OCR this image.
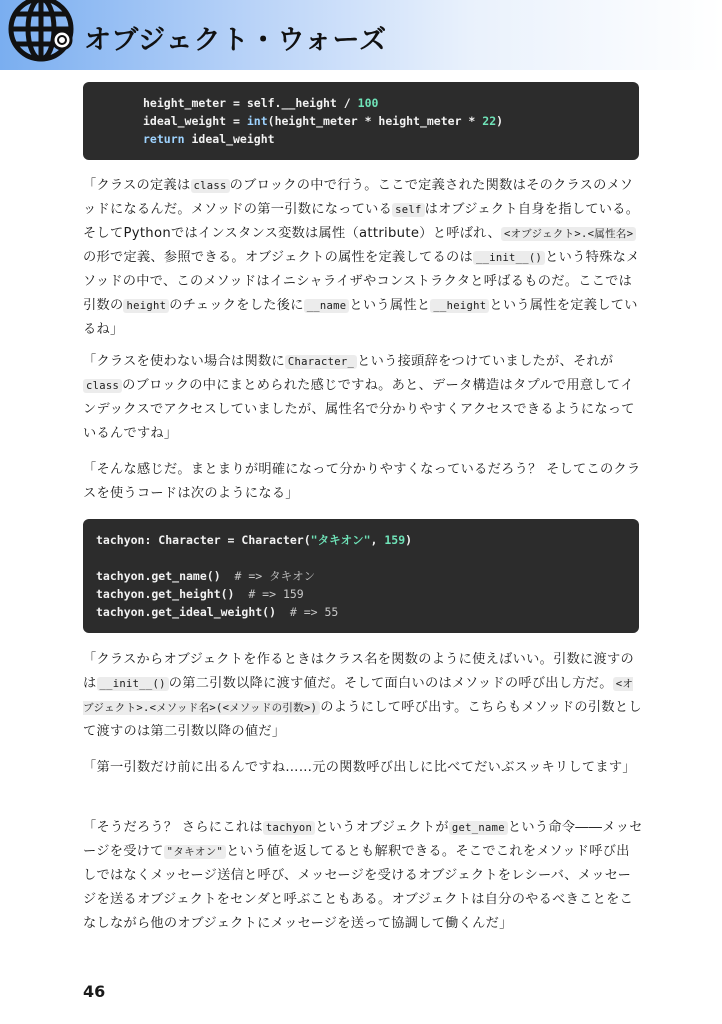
オブジェクト・ウォーズ
height_meter = self.__height / 100
ideal_weight = int(height_meter * height_meter * 22)
return ideal_weight

「クラスの定義は class のブロックの中で行う。ここで定義された関数はそのクラスのメソッドになるんだ。メソッドの第一引数になっている self はオブジェクト自身を指している。そしてPythonではインスタンス変数は属性（attribute）と呼ばれ、 <オブジェクト>.<属性名>の形で定義、参照できる。オブジェクトの属性を定義してるのは __init__() という特殊なメソッドの中で、このメソッドはイニシャライザやコンストラクタと呼ばるものだ。ここでは引数の height のチェックをした後に __name という属性と __height という属性を定義しているね」

「クラスを使わない場合は関数に Character_ という接頭辞をつけていましたが、それがclass のブロックの中にまとめられた感じですね。あと、データ構造はタプルで用意してインデックスでアクセスしていましたが、属性名で分かりやすくアクセスできるようになっているんですね」

「そんな感じだ。まとまりが明確になって分かりやすくなっているだろう？ そしてこのクラスを使うコードは次のようになる」

tachyon: Character = Character("タキオン", 159)
tachyon.get_name()  # => タキオン
tachyon.get_height()  # => 159
tachyon.get_ideal_weight()  # => 55

「クラスからオブジェクトを作るときはクラス名を関数のように使えばいい。引数に渡すのは __init__() の第二引数以降に渡す値だ。そして面白いのはメソッドの呼び出し方だ。 <オブジェクト>.<メソッド名>(<メソッドの引数>) のようにして呼び出す。こちらもメソッドの引数として渡すのは第二引数以降の値だ」

「第一引数だけ前に出るんですね……元の関数呼び出しに比べてだいぶスッキリしてます」

「そうだろう？ さらにこれは tachyon というオブジェクトが get_name という命令――メッセージを受けて "タキオン" という値を返してるとも解釈できる。そこでこれをメソッド呼び出しではなくメッセージ送信と呼び、メッセージを受けるオブジェクトをレシーバ、メッセージを送るオブジェクトをセンダと呼ぶこともある。オブジェクトは自分のやるべきことをこなしながら他のオブジェクトにメッセージを送って協調して働くんだ」

46
